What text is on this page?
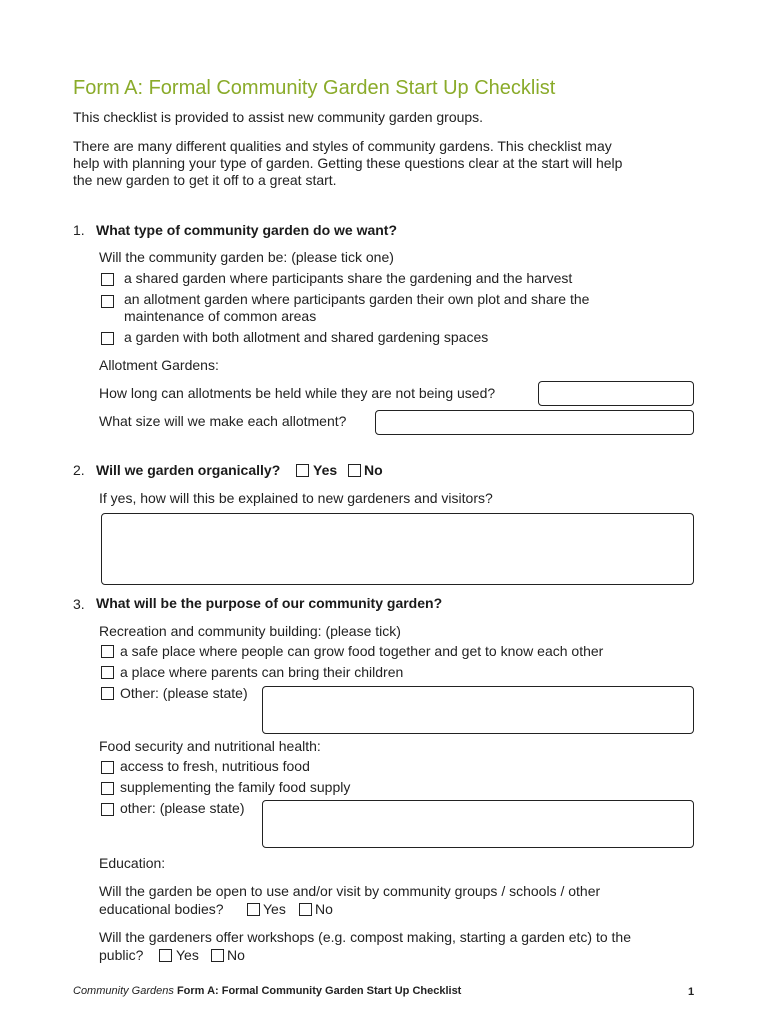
Form A: Formal Community Garden Start Up Checklist
This checklist is provided to assist new community garden groups.
There are many different qualities and styles of community gardens. This checklist may
help with planning your type of garden. Getting these questions clear at the start will help
the new garden to get it off to a great start.
1. What type of community garden do we want?
Will the community garden be: (please tick one)
a shared garden where participants share the gardening and the harvest
an allotment garden where participants garden their own plot and share the
maintenance of common areas
a garden with both allotment and shared gardening spaces
Allotment Gardens:
How long can allotments be held while they are not being used?
What size will we make each allotment?
2. Will we garden organically? Yes No
If yes, how will this be explained to new gardeners and visitors?
3. What will be the purpose of our community garden?
Recreation and community building: (please tick)
a safe place where people can grow food together and get to know each other
a place where parents can bring their children
Other: (please state)
Food security and nutritional health:
access to fresh, nutritious food
supplementing the family food supply
other: (please state)
Education:
Will the garden be open to use and/or visit by community groups / schools / other
educational bodies?	Yes No
Will the gardeners offer workshops (e.g. compost making, starting a garden etc) to the
public? Yes No
Community Gardens Form A: Formal Community Garden Start Up Checklist	1
